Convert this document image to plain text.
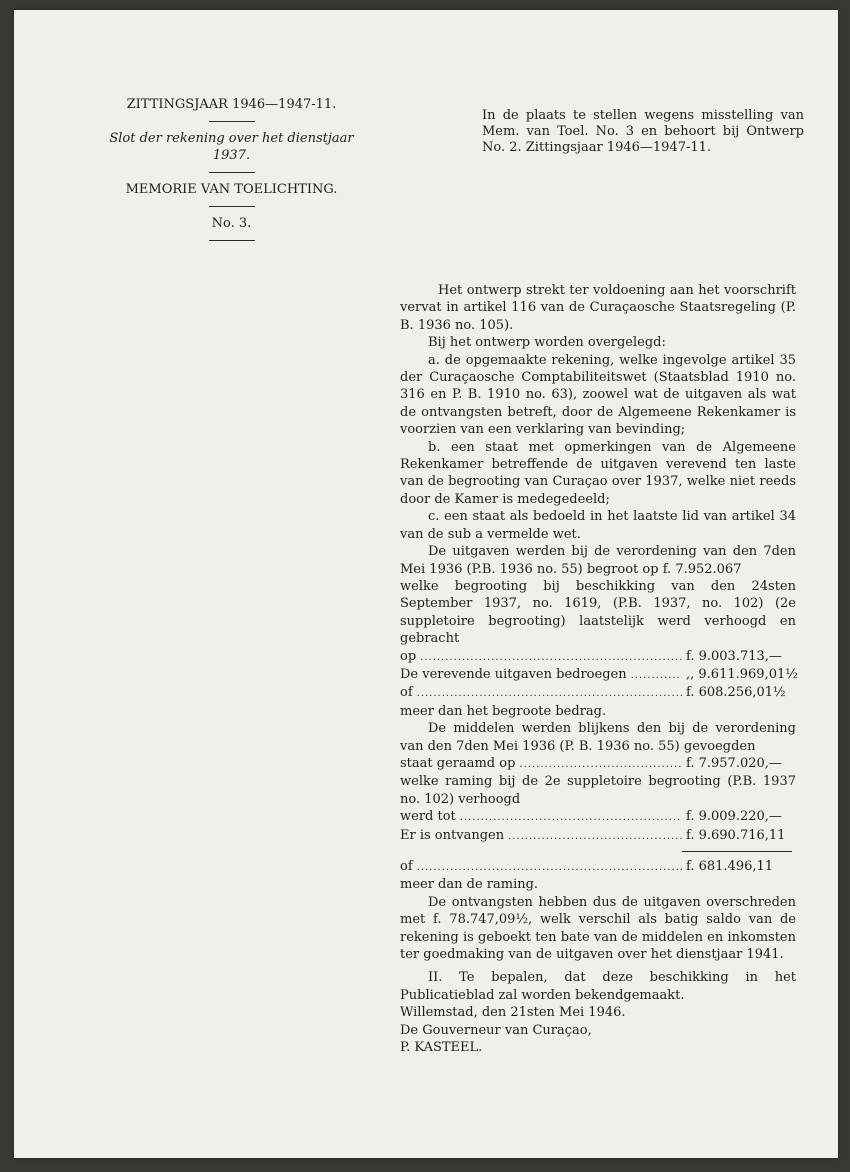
ZITTINGSJAAR 1946—1947-11.

Slot der rekening over het dienstjaar 1937.

MEMORIE VAN TOELICHTING.

No. 3.

In de plaats te stellen wegens misstelling van Mem. van Toel. No. 3 en behoort bij Ontwerp No. 2. Zittingsjaar 1946—1947-11.

Het ontwerp strekt ter voldoening aan het voorschrift vervat in artikel 116 van de Curaçaosche Staatsregeling (P. B. 1936 no. 105).

Bij het ontwerp worden overgelegd:

a. de opgemaakte rekening, welke ingevolge artikel 35 der Curaçaosche Comptabiliteitswet (Staatsblad 1910 no. 316 en P. B. 1910 no. 63), zoowel wat de uitgaven als wat de ontvangsten betreft, door de Algemeene Rekenkamer is voorzien van een verklaring van bevinding;

b. een staat met opmerkingen van de Algemeene Rekenkamer betreffende de uitgaven verevend ten laste van de begrooting van Curaçao over 1937, welke niet reeds door de Kamer is medegedeeld;

c. een staat als bedoeld in het laatste lid van artikel 34 van de sub a vermelde wet.

De uitgaven werden bij de verordening van den 7den Mei 1936 (P.B. 1936 no. 55) begroot op f. 7.952.067

welke begrooting bij beschikking van den 24sten September 1937, no. 1619, (P.B. 1937, no. 102) (2e suppletoire begrooting) laatstelijk werd verhoogd en gebracht

op .....	f. 9.003.713,—
De verevende uitgaven bedroegen .....	,, 9.611.969,01½
of .....	f. 608.256,01½

meer dan het begroote bedrag.

De middelen werden blijkens den bij de verordening van den 7den Mei 1936 (P. B. 1936 no. 55) gevoegden

staat geraamd op .....	f. 7.957.020,—

welke raming bij de 2e suppletoire begrooting (P.B. 1937 no. 102) verhoogd

werd tot .....	f. 9.009.220,—
Er is ontvangen .....	f. 9.690.716,11
of .....	f. 681.496,11

meer dan de raming.

De ontvangsten hebben dus de uitgaven overschreden met f. 78.747,09½, welk verschil als batig saldo van de rekening is geboekt ten bate van de middelen en inkomsten ter goedmaking van de uitgaven over het dienstjaar 1941.

II. Te bepalen, dat deze beschikking in het Publicatieblad zal worden bekendgemaakt.

Willemstad, den 21sten Mei 1946.

De Gouverneur van Curaçao,

P. KASTEEL.
